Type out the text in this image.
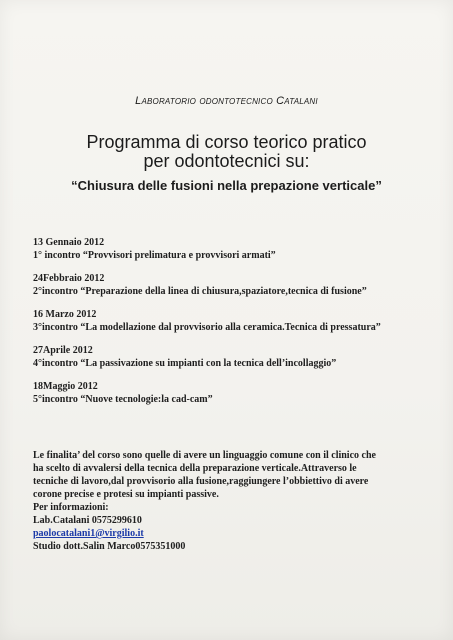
Laboratorio odontotecnico Catalani
Programma di corso teorico pratico
per odontotecnici su:
“Chiusura delle fusioni nella prepazione verticale”
13 Gennaio 2012
1° incontro “Provvisori prelimatura e provvisori armati”
24Febbraio 2012
2°incontro “Preparazione della linea di chiusura,spaziatore,tecnica di fusione”
16 Marzo 2012
3°incontro “La modellazione dal provvisorio alla ceramica.Tecnica di pressatura”
27Aprile 2012
4°incontro “La passivazione su impianti con la tecnica dell’incollaggio”
18Maggio 2012
5°incontro “Nuove tecnologie:la cad-cam”
Le finalita’ del corso sono quelle di avere un linguaggio comune con il clinico che
ha scelto di avvalersi della tecnica della preparazione verticale.Attraverso le
tecniche di lavoro,dal provvisorio alla fusione,raggiungere l’obbiettivo di avere
corone precise e protesi su impianti passive.
Per informazioni:
Lab.Catalani 0575299610
paolocatalani1@virgilio.it
Studio dott.Salin Marco0575351000
